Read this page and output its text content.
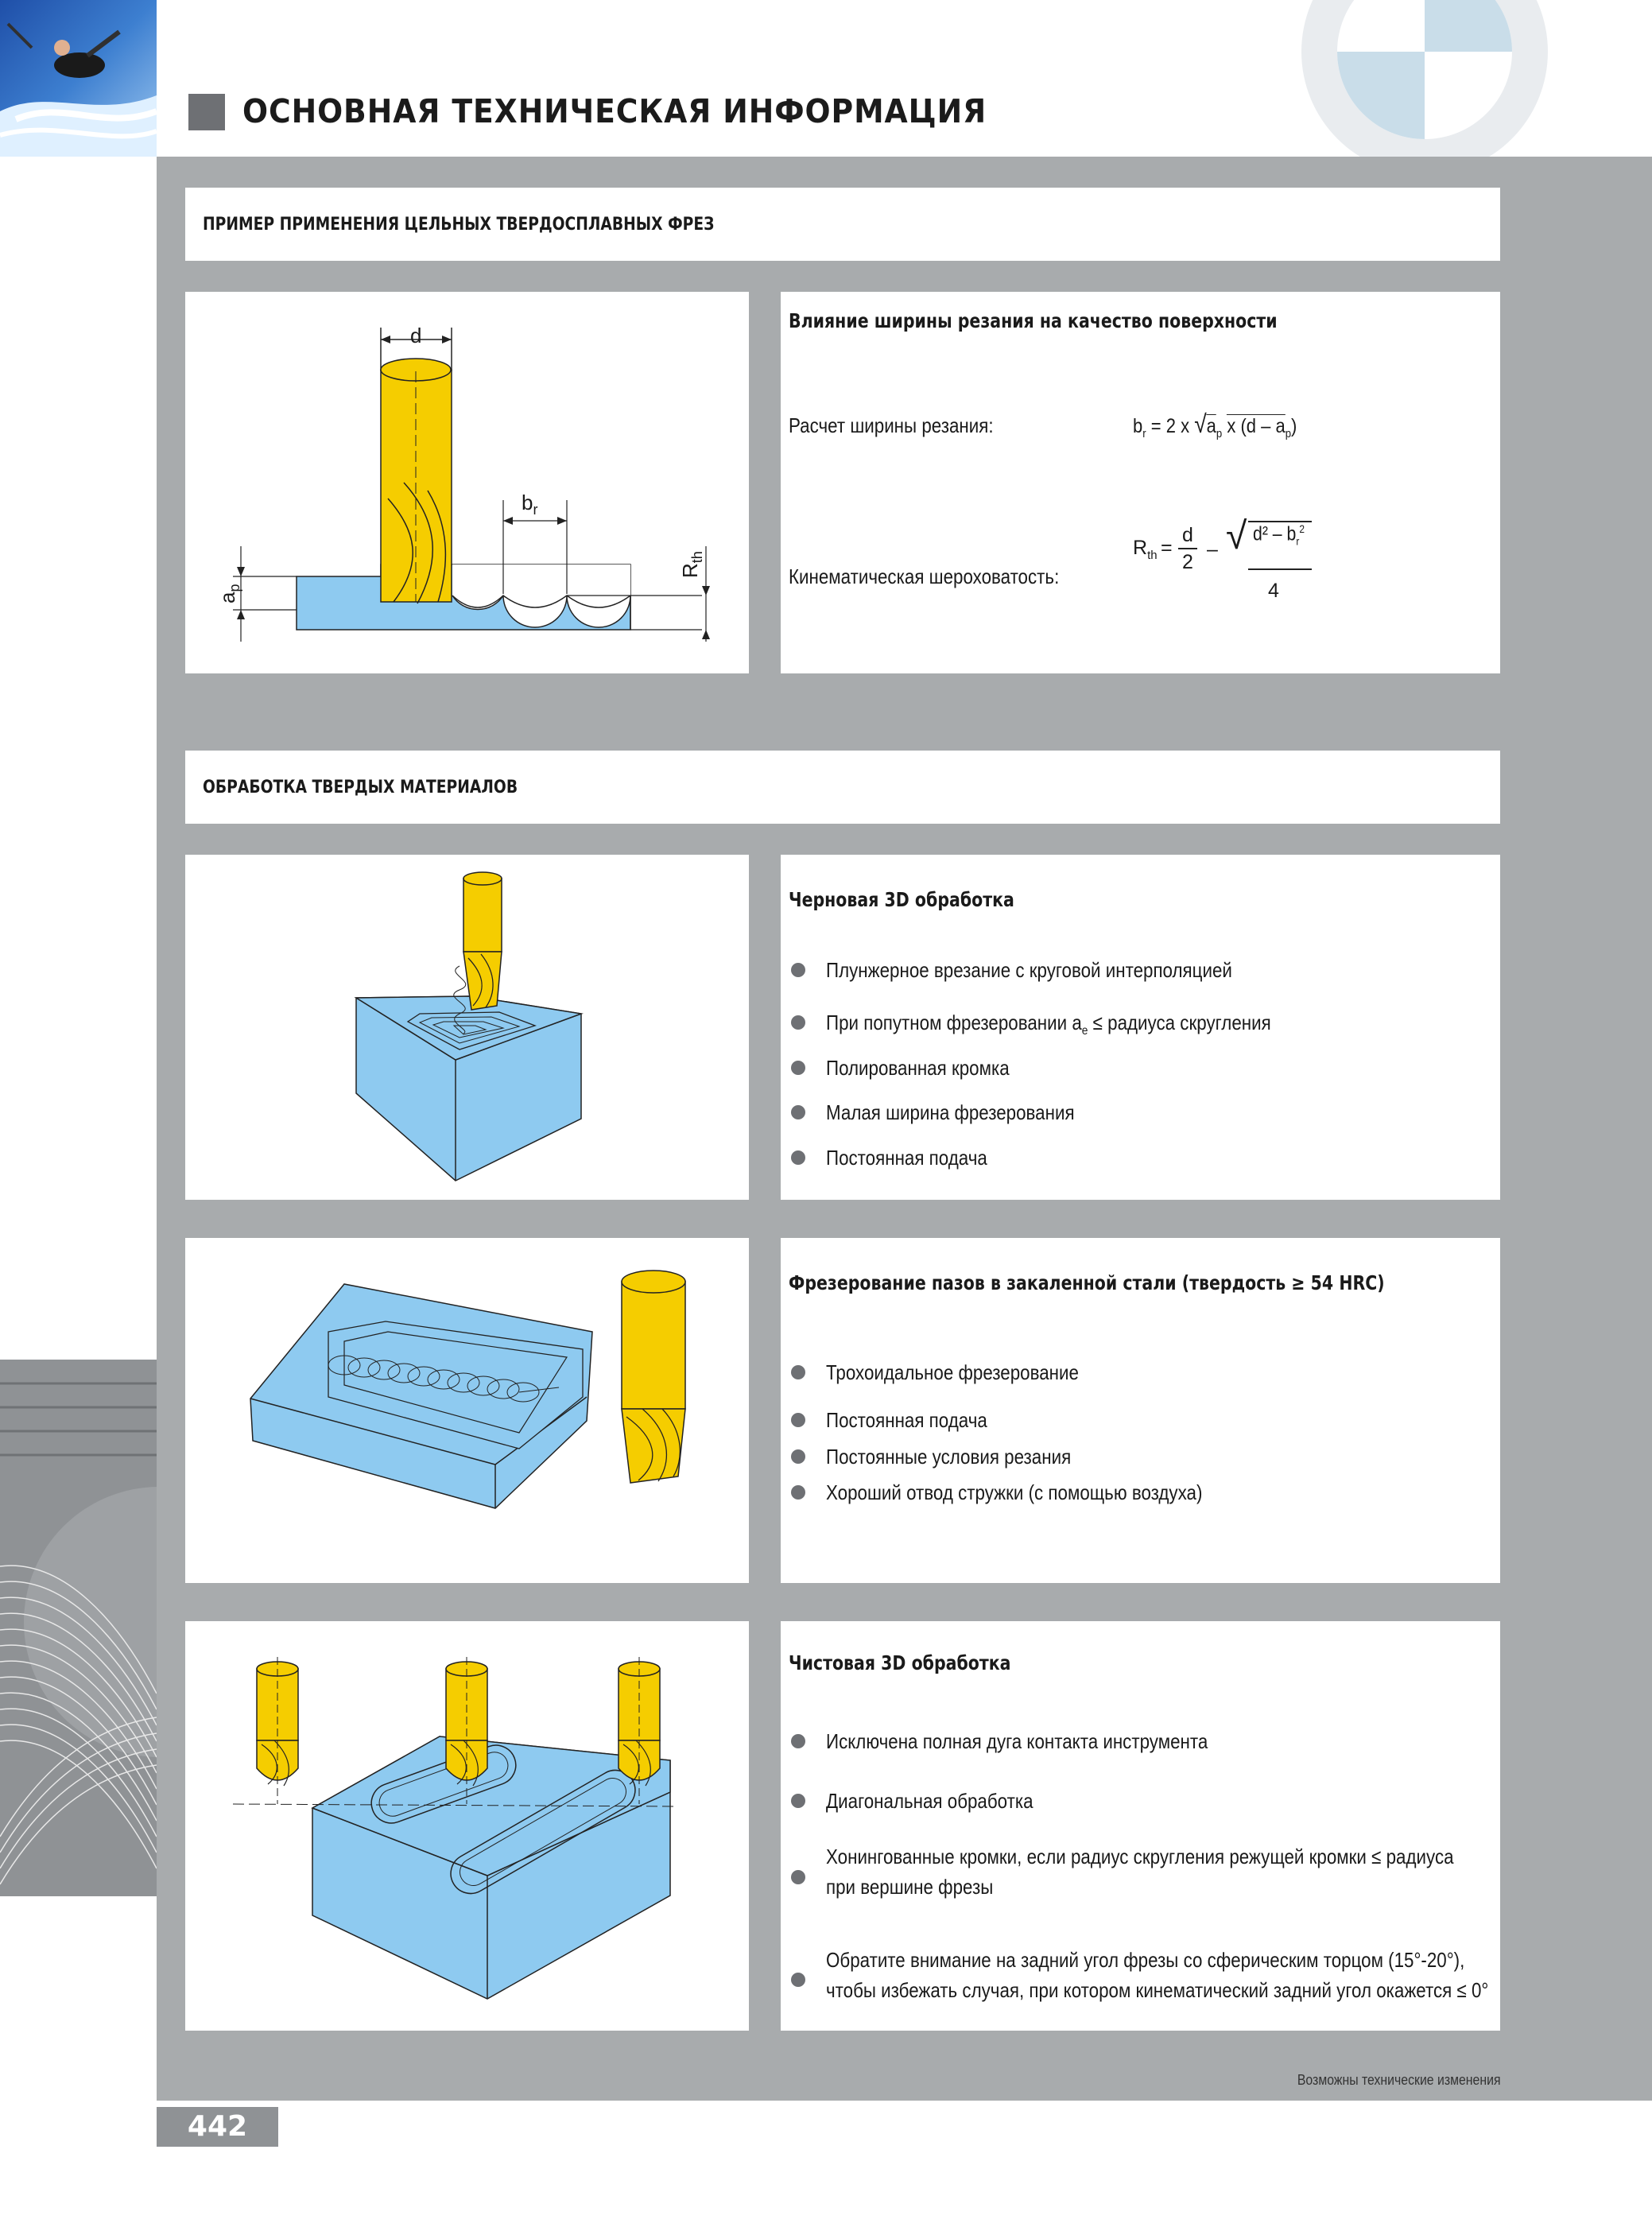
ОСНОВНАЯ ТЕХНИЧЕСКАЯ ИНФОРМАЦИЯ
ПРИМЕР ПРИМЕНЕНИЯ ЦЕЛЬНЫХ ТВЕРДОСПЛАВНЫХ ФРЕЗ
d
$b_r$
$a_p$
$R_{th}$
Влияние ширины резания на качество поверхности
Расчет ширины резания:
Кинематическая шероховатость:
$b_r = 2$ x $√a_p$ x $(d - a_p)$
$R_{th}$ =
d
2
– √ $d^2 - b_r^2$
4
ОБРАБОТКА ТВЕРДЫХ МАТЕРИАЛОВ
Черновая 3D обработка
Плунжерное врезание с круговой интерполяцией
При попутном фрезеровании $a_e$ ≤ радиуса скругления
Полированная кромка
Малая ширина фрезерования
Постоянная подача
Фрезерование пазов в закаленной стали (твердость ≥ 54 HRC)
Трохоидальное фрезерование
Постоянная подача
Постоянные условия резания
Хороший отвод стружки (с помощью воздуха)
Чистовая 3D обработка
Исключена полная дуга контакта инструмента
Диагональная обработка
Хонингованные кромки, если радиус скругления режущей кромки ≤ радиуса
при вершине фрезы
Обратите внимание на задний угол фрезы со сферическим торцом (15°-20°),
чтобы избежать случая, при котором кинематический задний угол окажется ≤ 0°
Возможны технические изменения
442
